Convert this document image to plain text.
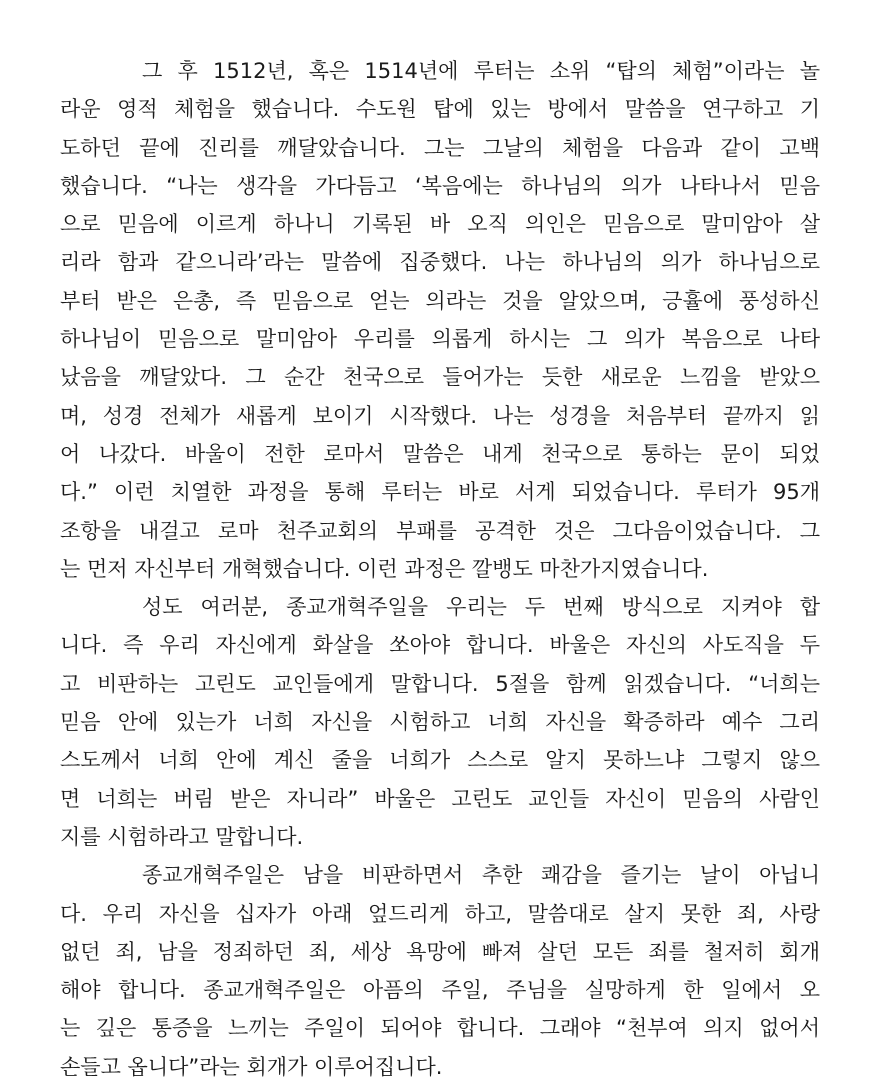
그 후 1512년, 혹은 1514년에 루터는 소위 “탑의 체험”이라는 놀
라운 영적 체험을 했습니다. 수도원 탑에 있는 방에서 말씀을 연구하고 기
도하던 끝에 진리를 깨달았습니다. 그는 그날의 체험을 다음과 같이 고백
했습니다. “나는 생각을 가다듬고 ‘복음에는 하나님의 의가 나타나서 믿음
으로 믿음에 이르게 하나니 기록된 바 오직 의인은 믿음으로 말미암아 살
리라 함과 같으니라’라는 말씀에 집중했다. 나는 하나님의 의가 하나님으로
부터 받은 은총, 즉 믿음으로 얻는 의라는 것을 알았으며, 긍휼에 풍성하신
하나님이 믿음으로 말미암아 우리를 의롭게 하시는 그 의가 복음으로 나타
났음을 깨달았다. 그 순간 천국으로 들어가는 듯한 새로운 느낌을 받았으
며, 성경 전체가 새롭게 보이기 시작했다. 나는 성경을 처음부터 끝까지 읽
어 나갔다. 바울이 전한 로마서 말씀은 내게 천국으로 통하는 문이 되었
다.” 이런 치열한 과정을 통해 루터는 바로 서게 되었습니다. 루터가 95개
조항을 내걸고 로마 천주교회의 부패를 공격한 것은 그다음이었습니다. 그
는 먼저 자신부터 개혁했습니다. 이런 과정은 깔뱅도 마찬가지였습니다.
성도 여러분, 종교개혁주일을 우리는 두 번째 방식으로 지켜야 합
니다. 즉 우리 자신에게 화살을 쏘아야 합니다. 바울은 자신의 사도직을 두
고 비판하는 고린도 교인들에게 말합니다. 5절을 함께 읽겠습니다. “너희는
믿음 안에 있는가 너희 자신을 시험하고 너희 자신을 확증하라 예수 그리
스도께서 너희 안에 계신 줄을 너희가 스스로 알지 못하느냐 그렇지 않으
면 너희는 버림 받은 자니라” 바울은 고린도 교인들 자신이 믿음의 사람인
지를 시험하라고 말합니다.
종교개혁주일은 남을 비판하면서 추한 쾌감을 즐기는 날이 아닙니
다. 우리 자신을 십자가 아래 엎드리게 하고, 말씀대로 살지 못한 죄, 사랑
없던 죄, 남을 정죄하던 죄, 세상 욕망에 빠져 살던 모든 죄를 철저히 회개
해야 합니다. 종교개혁주일은 아픔의 주일, 주님을 실망하게 한 일에서 오
는 깊은 통증을 느끼는 주일이 되어야 합니다. 그래야 “천부여 의지 없어서
손들고 옵니다”라는 회개가 이루어집니다.
